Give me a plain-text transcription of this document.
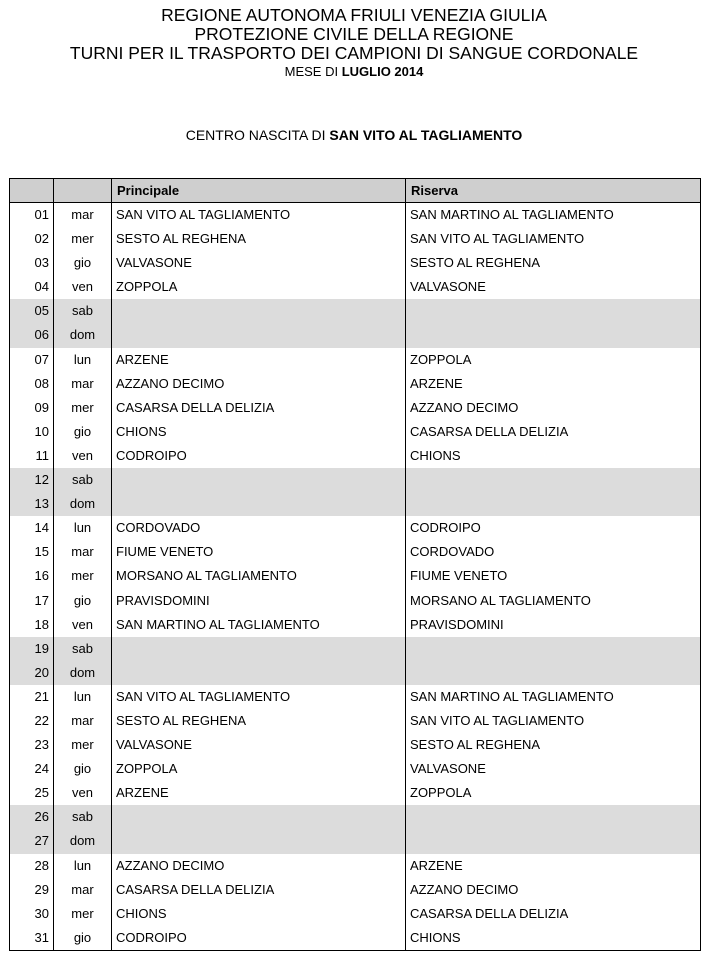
REGIONE AUTONOMA FRIULI VENEZIA GIULIA
PROTEZIONE CIVILE DELLA REGIONE
TURNI PER IL TRASPORTO DEI CAMPIONI DI SANGUE CORDONALE
MESE DI LUGLIO 2014
CENTRO NASCITA DI SAN VITO AL TAGLIAMENTO
		Principale	Riserva
01	mar	SAN VITO AL TAGLIAMENTO	SAN MARTINO AL TAGLIAMENTO
02	mer	SESTO AL REGHENA	SAN VITO AL TAGLIAMENTO
03	gio	VALVASONE	SESTO AL REGHENA
04	ven	ZOPPOLA	VALVASONE
05	sab		
06	dom		
07	lun	ARZENE	ZOPPOLA
08	mar	AZZANO DECIMO	ARZENE
09	mer	CASARSA DELLA DELIZIA	AZZANO DECIMO
10	gio	CHIONS	CASARSA DELLA DELIZIA
11	ven	CODROIPO	CHIONS
12	sab		
13	dom		
14	lun	CORDOVADO	CODROIPO
15	mar	FIUME VENETO	CORDOVADO
16	mer	MORSANO AL TAGLIAMENTO	FIUME VENETO
17	gio	PRAVISDOMINI	MORSANO AL TAGLIAMENTO
18	ven	SAN MARTINO AL TAGLIAMENTO	PRAVISDOMINI
19	sab		
20	dom		
21	lun	SAN VITO AL TAGLIAMENTO	SAN MARTINO AL TAGLIAMENTO
22	mar	SESTO AL REGHENA	SAN VITO AL TAGLIAMENTO
23	mer	VALVASONE	SESTO AL REGHENA
24	gio	ZOPPOLA	VALVASONE
25	ven	ARZENE	ZOPPOLA
26	sab		
27	dom		
28	lun	AZZANO DECIMO	ARZENE
29	mar	CASARSA DELLA DELIZIA	AZZANO DECIMO
30	mer	CHIONS	CASARSA DELLA DELIZIA
31	gio	CODROIPO	CHIONS
